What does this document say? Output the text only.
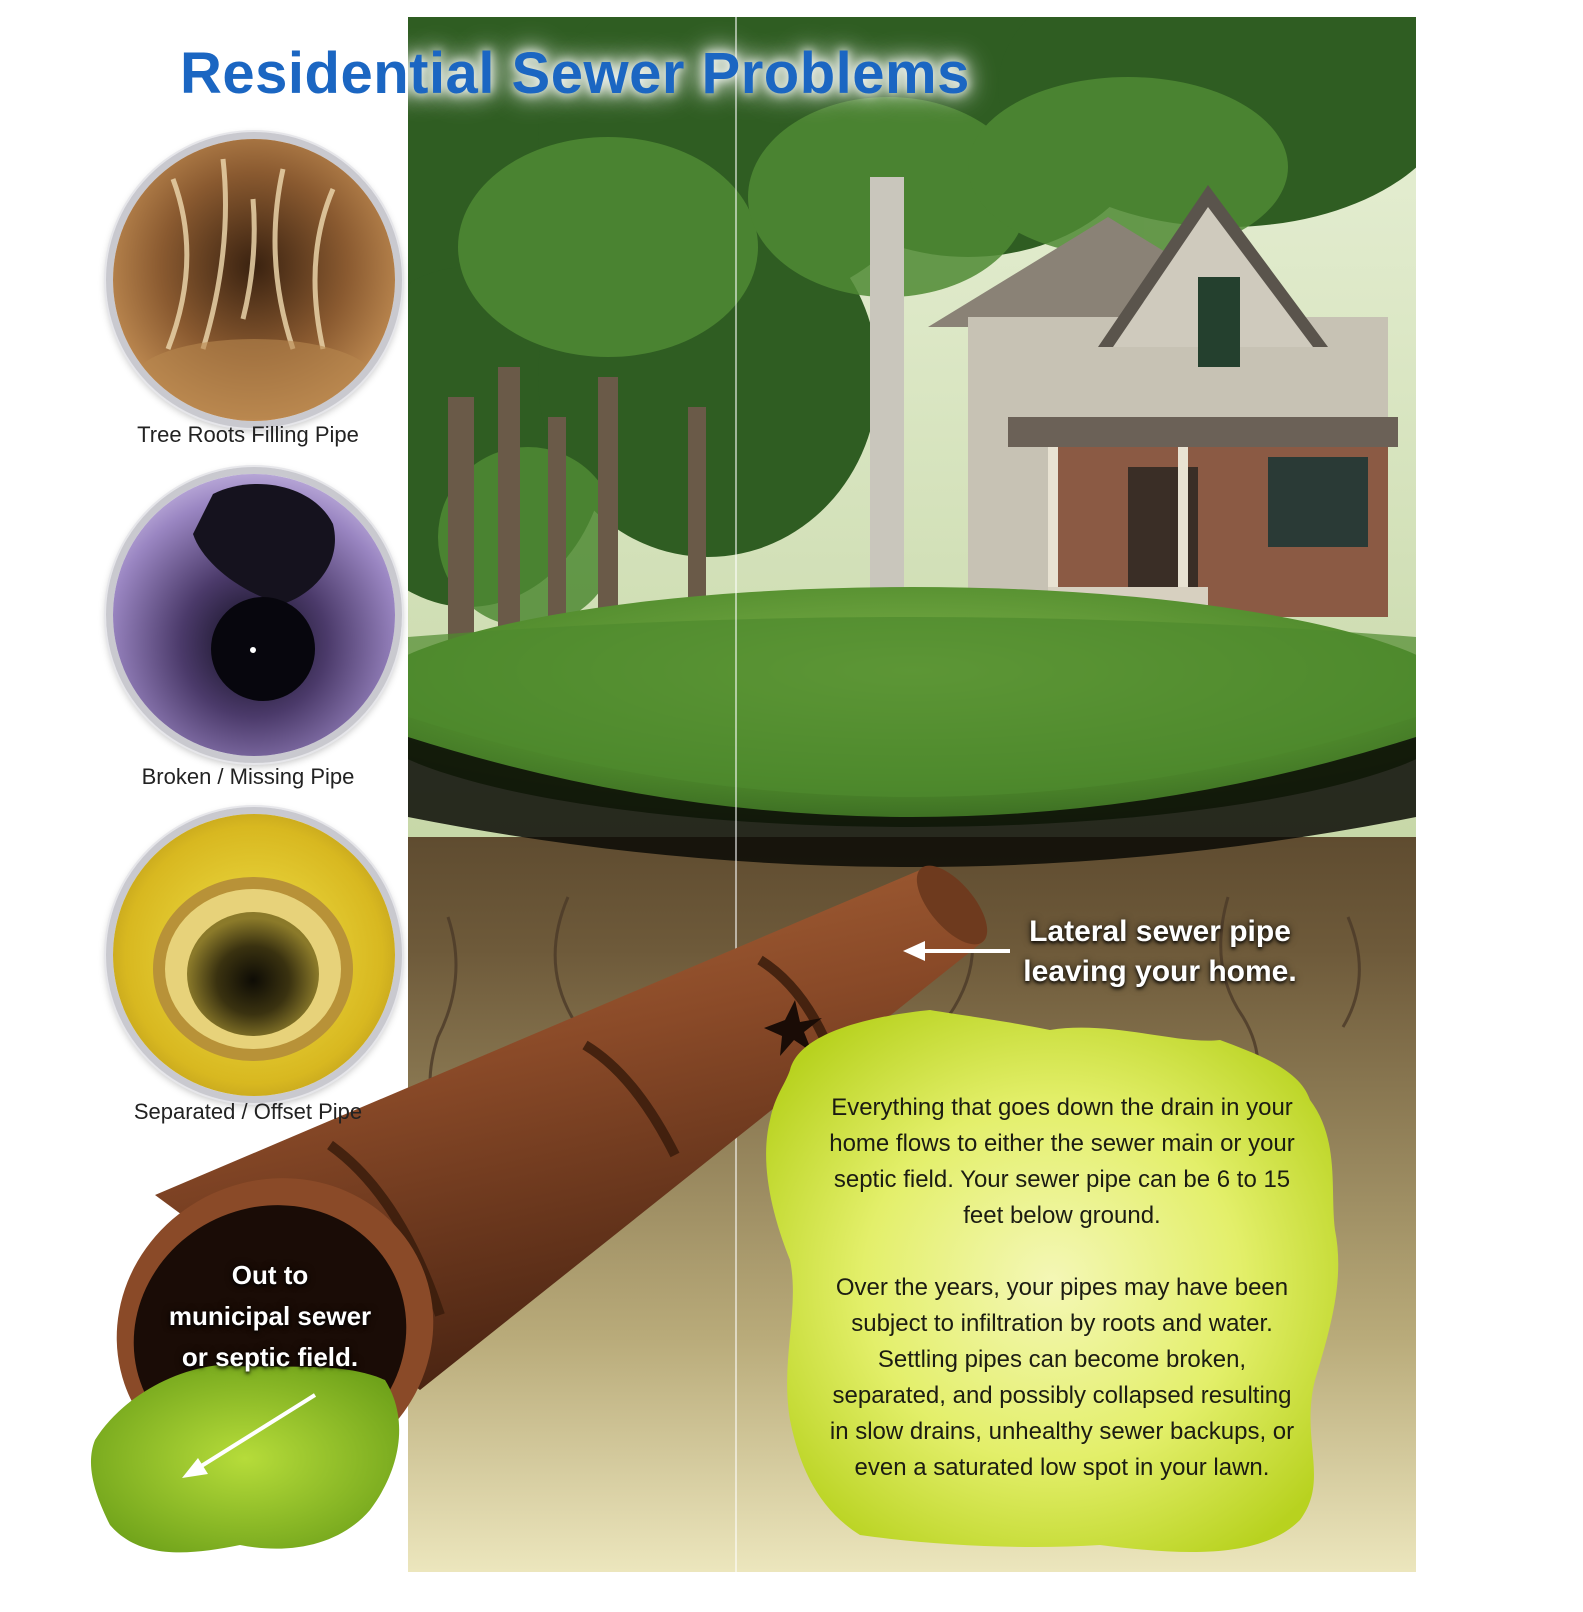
Residential Sewer Problems
Tree Roots Filling Pipe
Broken / Missing Pipe
Separated / Offset Pipe
Lateral sewer pipe
leaving your home.
Out to
municipal sewer
or septic field.

Everything that goes down the drain in your home flows to either the sewer main or your septic field. Your sewer pipe can be 6 to 15 feet below ground.

Over the years, your pipes may have been subject to infiltration by roots and water. Settling pipes can become broken, separated, and possibly collapsed resulting in slow drains, unhealthy sewer backups, or even a saturated low spot in your lawn.
